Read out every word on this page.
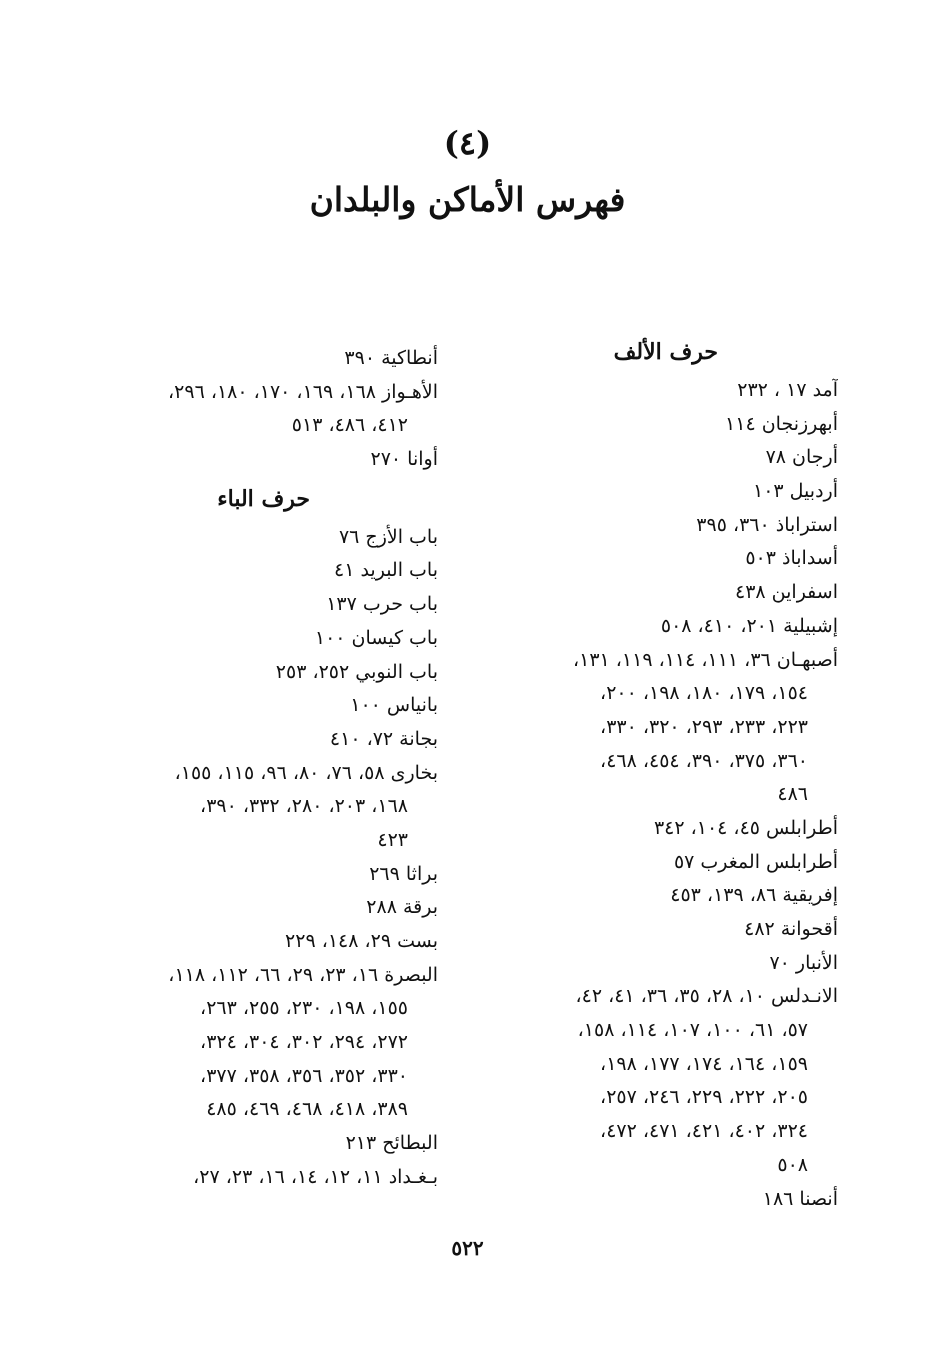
(٤)
فهرس الأماكن والبلدان
حرف الألف
آمد ١٧ ، ٢٣٢
أبهرزنجان ١١٤
أرجان ٧٨
أردبيل ١٠٣
استراباذ ٣٦٠، ٣٩٥
أسداباذ ٥٠٣
اسفراين ٤٣٨
إشبيلية ٢٠١، ٤١٠، ٥٠٨
أصبهـان ٣٦، ١١١، ١١٤، ١١٩، ١٣١،
١٥٤، ١٧٩، ١٨٠، ١٩٨، ٢٠٠،
٢٢٣، ٢٣٣، ٢٩٣، ٣٢٠، ٣٣٠،
٣٦٠، ٣٧٥، ٣٩٠، ٤٥٤، ٤٦٨،
٤٨٦
أطرابلس ٤٥، ١٠٤، ٣٤٢
أطرابلس المغرب ٥٧
إفريقية ٨٦، ١٣٩، ٤٥٣
أقحوانة ٤٨٢
الأنبار ٧٠
الانـدلس ١٠، ٢٨، ٣٥، ٣٦، ٤١، ٤٢،
٥٧، ٦١، ١٠٠، ١٠٧، ١١٤، ١٥٨،
١٥٩، ١٦٤، ١٧٤، ١٧٧، ١٩٨،
٢٠٥، ٢٢٢، ٢٢٩، ٢٤٦، ٢٥٧،
٣٢٤، ٤٠٢، ٤٢١، ٤٧١، ٤٧٢،
٥٠٨
أنصنا ١٨٦
أنطاكية ٣٩٠
الأهـواز ١٦٨، ١٦٩، ١٧٠، ١٨٠، ٢٩٦،
٤١٢، ٤٨٦، ٥١٣
أوانا ٢٧٠
حرف الباء
باب الأزج ٧٦
باب البريد ٤١
باب حرب ١٣٧
باب كيسان ١٠٠
باب النوبي ٢٥٢، ٢٥٣
بانياس ١٠٠
بجانة ٧٢، ٤١٠
بخارى ٥٨، ٧٦، ٨٠، ٩٦، ١١٥، ١٥٥،
١٦٨، ٢٠٣، ٢٨٠، ٣٣٢، ٣٩٠،
٤٢٣
براثا ٢٦٩
برقة ٢٨٨
بست ٢٩، ١٤٨، ٢٢٩
البصرة ١٦، ٢٣، ٢٩، ٦٦، ١١٢، ١١٨،
١٥٥، ١٩٨، ٢٣٠، ٢٥٥، ٢٦٣،
٢٧٢، ٢٩٤، ٣٠٢، ٣٠٤، ٣٢٤،
٣٣٠، ٣٥٢، ٣٥٦، ٣٥٨، ٣٧٧،
٣٨٩، ٤١٨، ٤٦٨، ٤٦٩، ٤٨٥
البطائح ٢١٣
بـغـداد ١١، ١٢، ١٤، ١٦، ٢٣، ٢٧،
٥٢٢
